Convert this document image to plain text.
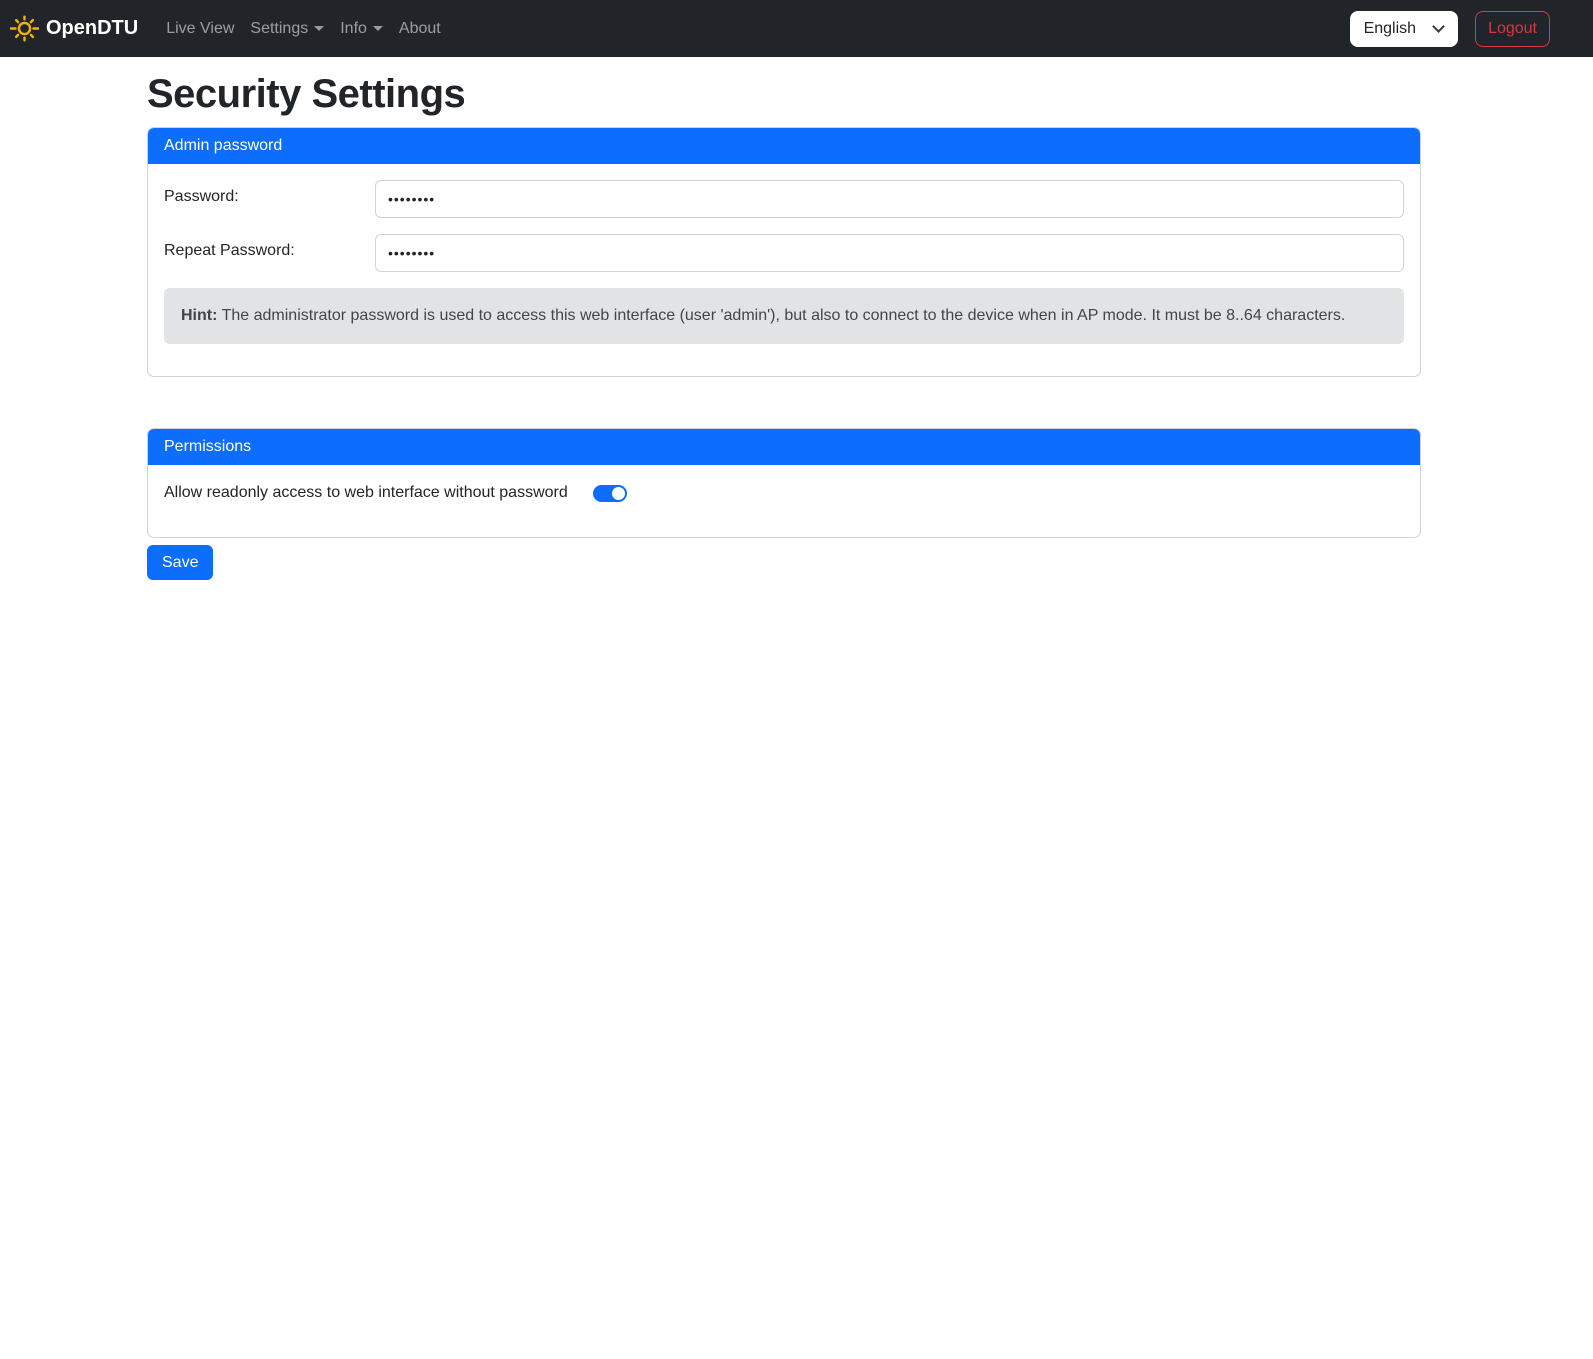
OpenDTU	Live View	Settings	Info	About	English	Logout
Security Settings
Admin password
Password:
••••••••
Repeat Password:
••••••••
Hint: The administrator password is used to access this web interface (user 'admin'), but also to connect to the device when in AP mode. It must be 8..64 characters.
Permissions
Allow readonly access to web interface without password
Save
